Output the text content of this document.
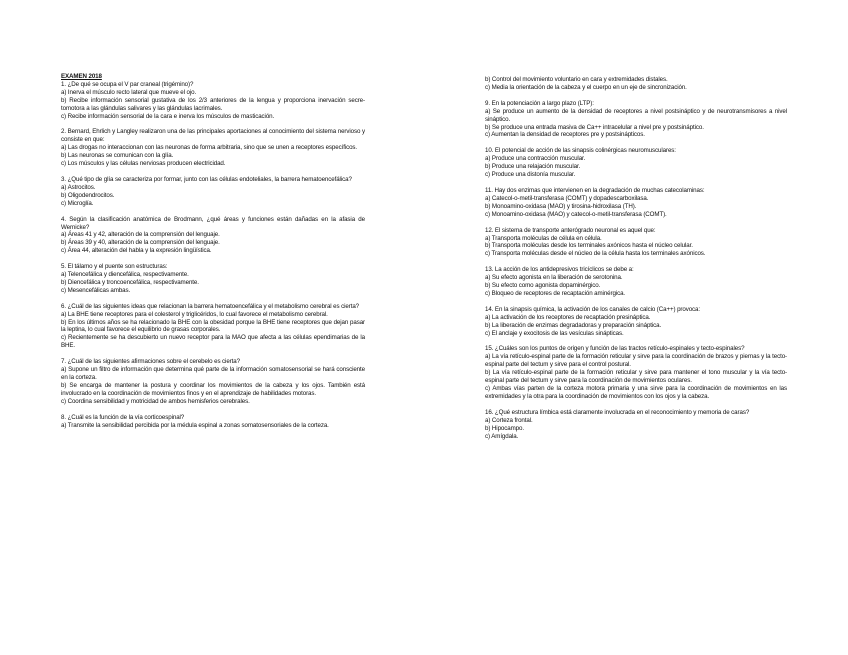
EXAMEN 2018

1. ¿De qué se ocupa el V par craneal (trigémino)?

a) Inerva el músculo recto lateral que mueve el ojo.

b) Recibe información sensorial gustativa de los 2/3 anteriores de la lengua y proporciona inervación secre-tomotora a las glándulas salivares y las glándulas lacrimales.

c) Recibe información sensorial de la cara e inerva los músculos de masticación.

2. Bernard, Ehrlich y Langley realizaron una de las principales aportaciones al conocimiento del sistema nervioso y consiste en que:

a) Las drogas no interaccionan con las neuronas de forma arbitraria, sino que se unen a receptores específicos.

b) Las neuronas se comunican con la glía.

c) Los músculos y las células nerviosas producen electricidad.

3. ¿Qué tipo de glía se caracteriza por formar, junto con las células endoteliales, la barrera hematoencefálica?

a) Astrocitos.

b) Oligodendrocitos.

c) Microglía.

4. Según la clasificación anatómica de Brodmann, ¿qué áreas y funciones están dañadas en la afasia de Wernicke?

a) Áreas 41 y 42, alteración de la comprensión del lenguaje.

b) Áreas 39 y 40, alteración de la comprensión del lenguaje.

c) Área 44, alteración del habla y la expresión lingüística.

5. El tálamo y el puente son estructuras:

a) Telencefálica y diencefálica, respectivamente.

b) Diencefálica y troncoencefálica, respectivamente.

c) Mesencefálicas ambas.

6. ¿Cuál de las siguientes ideas que relacionan la barrera hematoencefálica y el metabolismo cerebral es cierta?

a) La BHE tiene receptores para el colesterol y triglicéridos, lo cual favorece el metabolismo cerebral.

b) En los últimos años se ha relacionado la BHE con la obesidad porque la BHE tiene receptores que dejan pasar la leptina, lo cual favorece el equilibrio de grasas corporales.

c) Recientemente se ha descubierto un nuevo receptor para la MAO que afecta a las células ependimarias de la BHE.

7. ¿Cuál de las siguientes afirmaciones sobre el cerebelo es cierta?

a) Supone un filtro de información que determina qué parte de la información somatosensorial se hará consciente en la corteza.

b) Se encarga de mantener la postura y coordinar los movimientos de la cabeza y los ojos. También está involucrado en la coordinación de movimientos finos y en el aprendizaje de habilidades motoras.

c) Coordina sensibilidad y motricidad de ambos hemisferios cerebrales.

8. ¿Cuál es la función de la vía corticoespinal?

a) Transmite la sensibilidad percibida por la médula espinal a zonas somatosensoriales de la corteza.

b) Control del movimiento voluntario en cara y extremidades distales.

c) Media la orientación de la cabeza y el cuerpo en un eje de sincronización.

9. En la potenciación a largo plazo (LTP):

a) Se produce un aumento de la densidad de receptores a nivel postsináptico y de neurotransmisores a nivel sináptico.

b) Se produce una entrada masiva de Ca++ intracelular a nivel pre y postsináptico.

c) Aumentan la densidad de receptores pre y postsinápticos.

10. El potencial de acción de las sinapsis colinérgicas neuromusculares:

a) Produce una contracción muscular.

b) Produce una relajación muscular.

c) Produce una distonía muscular.

11. Hay dos enzimas que intervienen en la degradación de muchas catecolaminas:

a) Catecol-o-metil-transferasa (COMT) y dopadescarboxilasa.

b) Monoamino-oxidasa (MAO) y tirosina-hidroxilasa (TH).

c) Monoamino-oxidasa (MAO) y catecol-o-metil-transferasa (COMT).

12. El sistema de transporte anterógrado neuronal es aquel que:

a) Transporta moléculas de célula en célula.

b) Transporta moléculas desde los terminales axónicos hasta el núcleo celular.

c) Transporta moléculas desde el núcleo de la célula hasta los terminales axónicos.

13. La acción de los antidepresivos tricíclicos se debe a:

a) Su efecto agonista en la liberación de serotonina.

b) Su efecto como agonista dopaminérgico.

c) Bloqueo de receptores de recaptación aminérgica.

14. En la sinapsis química, la activación de los canales de calcio (Ca++) provoca:

a) La activación de los receptores de recaptación presináptica.

b) La liberación de enzimas degradadoras y preparación sináptica.

c) El anclaje y exocitosis de las vesículas sinápticas.

15. ¿Cuáles son los puntos de origen y función de las tractos retículo-espinales y tecto-espinales?

a) La vía retículo-espinal parte de la formación reticular y sirve para la coordinación de brazos y piernas y la tecto-espinal parte del tectum y sirve para el control postural.

b) La vía retículo-espinal parte de la formación reticular y sirve para mantener el tono muscular y la vía tecto-espinal parte del tectum y sirve para la coordinación de movimientos oculares.

c) Ambas vías parten de la corteza motora primaria y una sirve para la coordinación de movimientos en las extremidades y la otra para la coordinación de movimientos con los ojos y la cabeza.

16. ¿Qué estructura límbica está claramente involucrada en el reconocimiento y memoria de caras?

a) Corteza frontal.

b) Hipocampo.

c) Amígdala.
